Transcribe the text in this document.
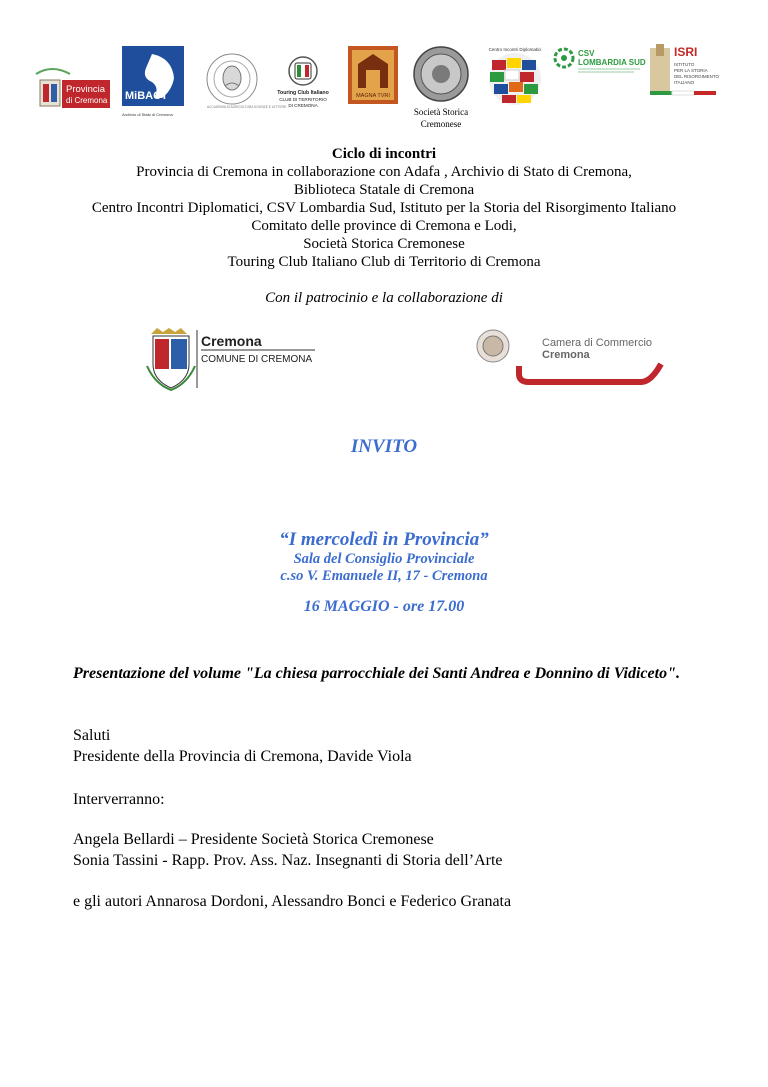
Provincia
di Cremona MiBACT
Archivio di Stato di Cremona
ACCADEMIA DI AGRICOLTURA SCIENZE E LETTERE
Touring Club Italiano
CLUB DI TERRITORIO
DI CREMONA
MAGNA TVRI
Società Storica
Cremonese
Centro Incontri Diplomatici	CSV
LOMBARDIA SUD
ISRI
ISTITUTO
PER LA STORIA
DEL RISORGIMENTO
ITALIANO
Ciclo di incontri
Provincia di Cremona in collaborazione con Adafa , Archivio di Stato di Cremona,
Biblioteca Statale di Cremona
Centro Incontri Diplomatici, CSV Lombardia Sud, Istituto per la Storia del Risorgimento Italiano
Comitato delle province di Cremona e Lodi,
Società Storica Cremonese
Touring Club Italiano Club di Territorio di Cremona
Con il patrocinio e la collaborazione di
Cremona
COMUNE DI CREMONA
Camera di Commercio
Cremona
INVITO
“I mercoledì in Provincia”
Sala del Consiglio Provinciale
c.so V. Emanuele II, 17 - Cremona
16 MAGGIO - ore 17.00
Presentazione del volume "La chiesa parrocchiale dei Santi Andrea e Donnino di Vidiceto".
Saluti
Presidente della Provincia di Cremona, Davide Viola
Interverranno:
Angela Bellardi – Presidente Società Storica Cremonese
Sonia Tassini - Rapp. Prov. Ass. Naz. Insegnanti di Storia dell’Arte
e gli autori Annarosa Dordoni, Alessandro Bonci e Federico Granata
